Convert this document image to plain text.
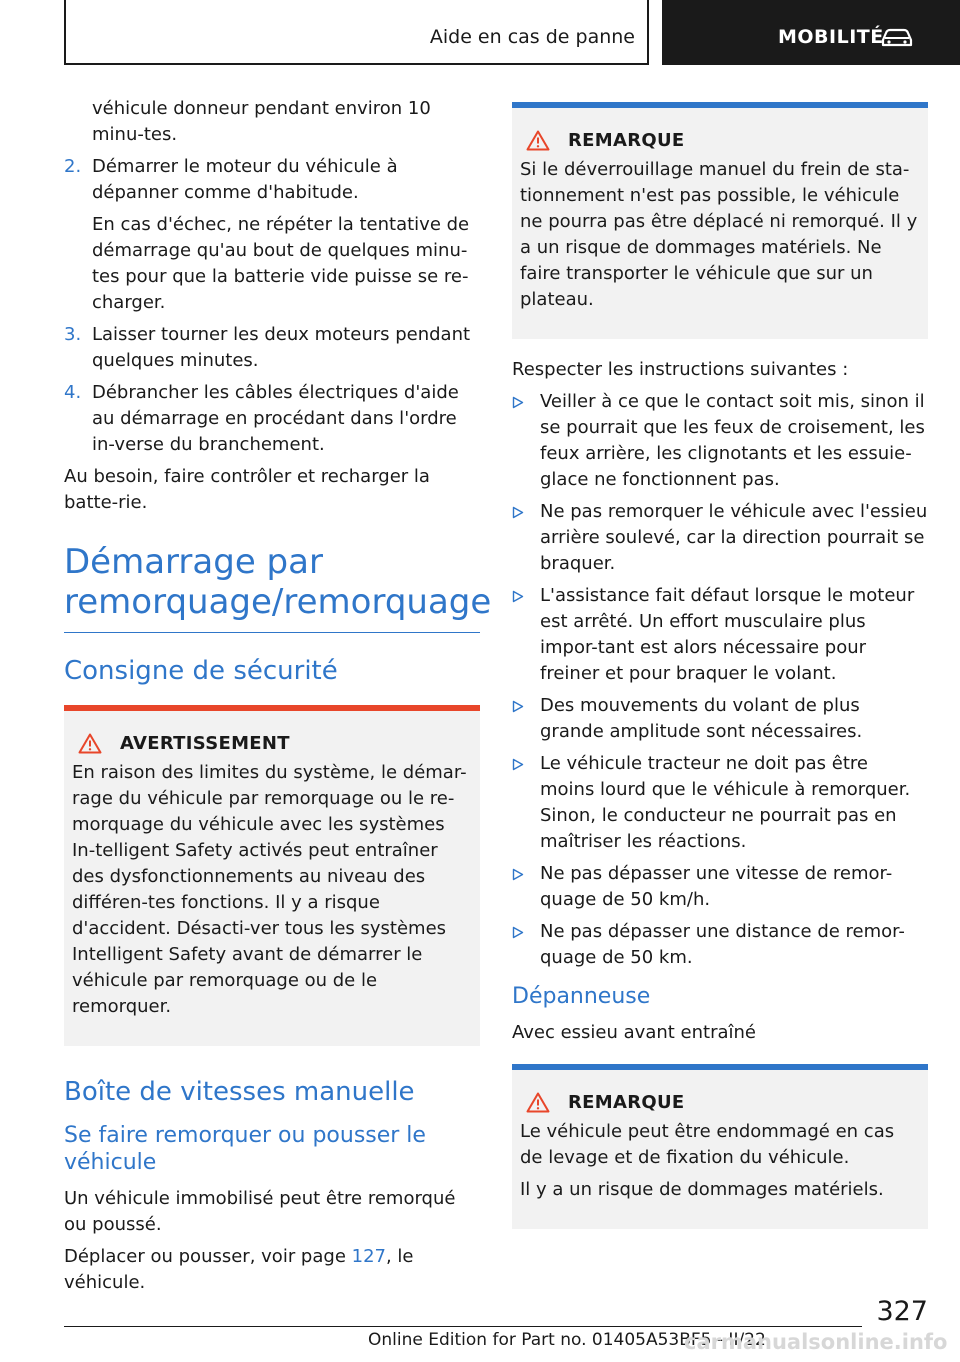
Aide en cas de panne	MOBILITÉ

véhicule donneur pendant environ 10 minu-tes.

2. Démarrer le moteur du véhicule à dépanner comme d'habitude.

En cas d'échec, ne répéter la tentative de démarrage qu'au bout de quelques minu-tes pour que la batterie vide puisse se re-charger.

3. Laisser tourner les deux moteurs pendant quelques minutes.

4. Débrancher les câbles électriques d'aide au démarrage en procédant dans l'ordre in-verse du branchement.

Au besoin, faire contrôler et recharger la batte-rie.

Démarrage par remorquage/remorquage
Consigne de sécurité
AVERTISSEMENT

En raison des limites du système, le démar-rage du véhicule par remorquage ou le re-morquage du véhicule avec les systèmes In-telligent Safety activés peut entraîner des dysfonctionnements au niveau des différen-tes fonctions. Il y a risque d'accident. Désacti-ver tous les systèmes Intelligent Safety avant de démarrer le véhicule par remorquage ou de le remorquer.

Boîte de vitesses manuelle
Se faire remorquer ou pousser le véhicule

Un véhicule immobilisé peut être remorqué ou poussé.

Déplacer ou pousser, voir page 127, le véhicule.

REMARQUE

Si le déverrouillage manuel du frein de sta-tionnement n'est pas possible, le véhicule ne pourra pas être déplacé ni remorqué. Il y a un risque de dommages matériels. Ne faire transporter le véhicule que sur un plateau.

Respecter les instructions suivantes :

Veiller à ce que le contact soit mis, sinon il se pourrait que les feux de croisement, les feux arrière, les clignotants et les essuie-glace ne fonctionnent pas.

Ne pas remorquer le véhicule avec l'essieu arrière soulevé, car la direction pourrait se braquer.

L'assistance fait défaut lorsque le moteur est arrêté. Un effort musculaire plus impor-tant est alors nécessaire pour freiner et pour braquer le volant.

Des mouvements du volant de plus grande amplitude sont nécessaires.

Le véhicule tracteur ne doit pas être moins lourd que le véhicule à remorquer. Sinon, le conducteur ne pourrait pas en maîtriser les réactions.

Ne pas dépasser une vitesse de remor-quage de 50 km/h.

Ne pas dépasser une distance de remor-quage de 50 km.

Dépanneuse
Avec essieu avant entraîné
REMARQUE

Le véhicule peut être endommagé en cas de levage et de fixation du véhicule.

Il y a un risque de dommages matériels.

327
Online Edition for Part no. 01405A53BF5 - II/22
carmanualsonline.info
